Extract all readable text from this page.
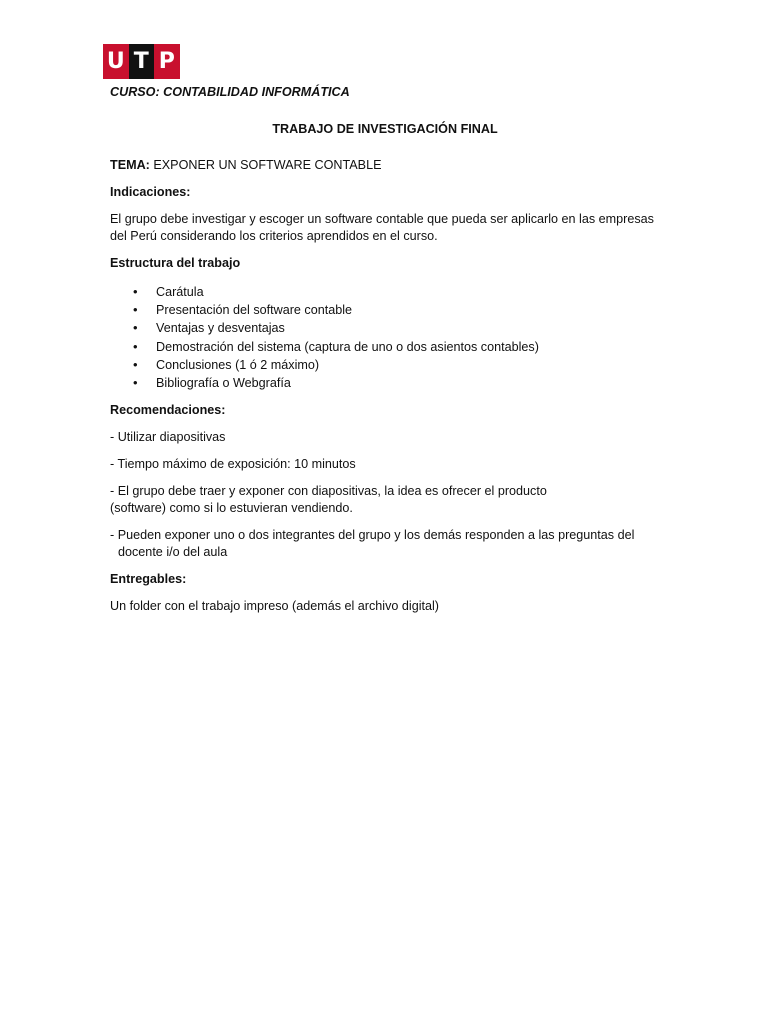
U T P

CURSO: CONTABILIDAD INFORMÁTICA

TRABAJO DE INVESTIGACIÓN FINAL

TEMA: EXPONER UN SOFTWARE CONTABLE

Indicaciones:

El grupo debe investigar y escoger un software contable que pueda ser aplicarlo en las empresas del Perú considerando los criterios aprendidos en el curso.

Estructura del trabajo

• Carátula
• Presentación del software contable
• Ventajas y desventajas
• Demostración del sistema (captura de uno o dos asientos contables)
• Conclusiones (1 ó 2 máximo)
• Bibliografía o Webgrafía

Recomendaciones:

- Utilizar diapositivas

- Tiempo máximo de exposición: 10 minutos

- El grupo debe traer y exponer con diapositivas, la idea es ofrecer el producto (software) como si lo estuvieran vendiendo.

- Pueden exponer uno o dos integrantes del grupo y los demás responden a las preguntas del docente i/o del aula

Entregables:

Un folder con el trabajo impreso (además el archivo digital)
